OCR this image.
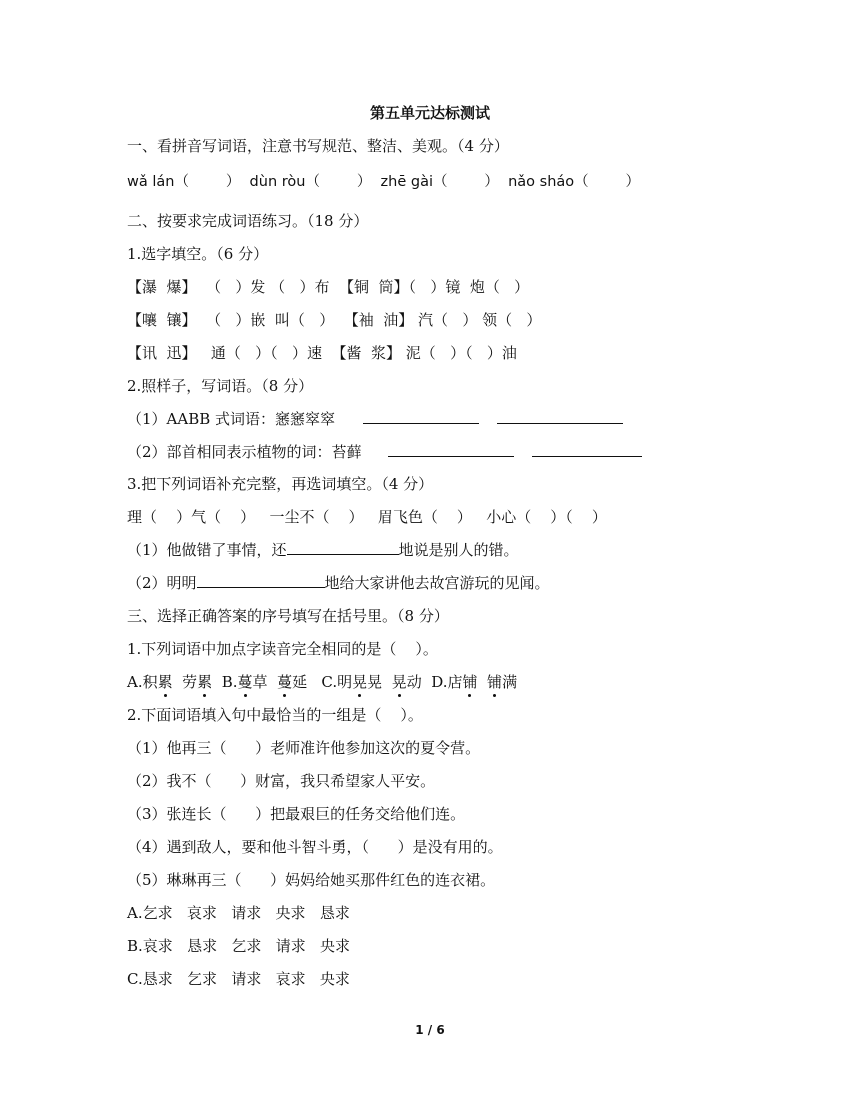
第五单元达标测试
一、看拼音写词语，注意书写规范、整洁、美观。（4 分）
wǎ lán（        ）  dùn ròu（        ）  zhē gài（        ）  nǎo sháo（        ）
二、按要求完成词语练习。（18 分）
1.选字填空。（6 分）
【瀑  爆】  （   ）发 （   ）布  【铜  筒】（   ）镜  炮（   ）
【嚷  镶】  （   ）嵌  叫（   ）  【袖  油】 汽（   ） 领（   ）
【讯  迅】   通（   ）（   ）速  【酱  浆】 泥（   ）（   ）油
2.照样子，写词语。（8 分）
（1）AABB 式词语：窸窸窣窣
（2）部首相同表示植物的词：苔藓
3.把下列词语补充完整，再选词填空。（4 分）
理（    ）气（    ）   一尘不（    ）   眉飞色（    ）   小心（    ）（    ）
（1）他做错了事情，还	地说是别人的错。
（2）明明	地给大家讲他去故宫游玩的见闻。
三、选择正确答案的序号填写在括号里。（8 分）
1.下列词语中加点字读音完全相同的是（    ）。
A.积累  劳累  B.蔓草  蔓延   C.明晃晃  晃动  D.店铺 铺满
2.下面词语填入句中最恰当的一组是（    ）。
（1）他再三（      ）老师准许他参加这次的夏令营。
（2）我不（      ）财富，我只希望家人平安。
（3）张连长（      ）把最艰巨的任务交给他们连。
（4）遇到敌人，要和他斗智斗勇，（      ）是没有用的。
（5）琳琳再三（      ）妈妈给她买那件红色的连衣裙。
A.乞求   哀求   请求   央求   恳求
B.哀求   恳求   乞求   请求   央求
C.恳求   乞求   请求   哀求   央求
1 / 6
